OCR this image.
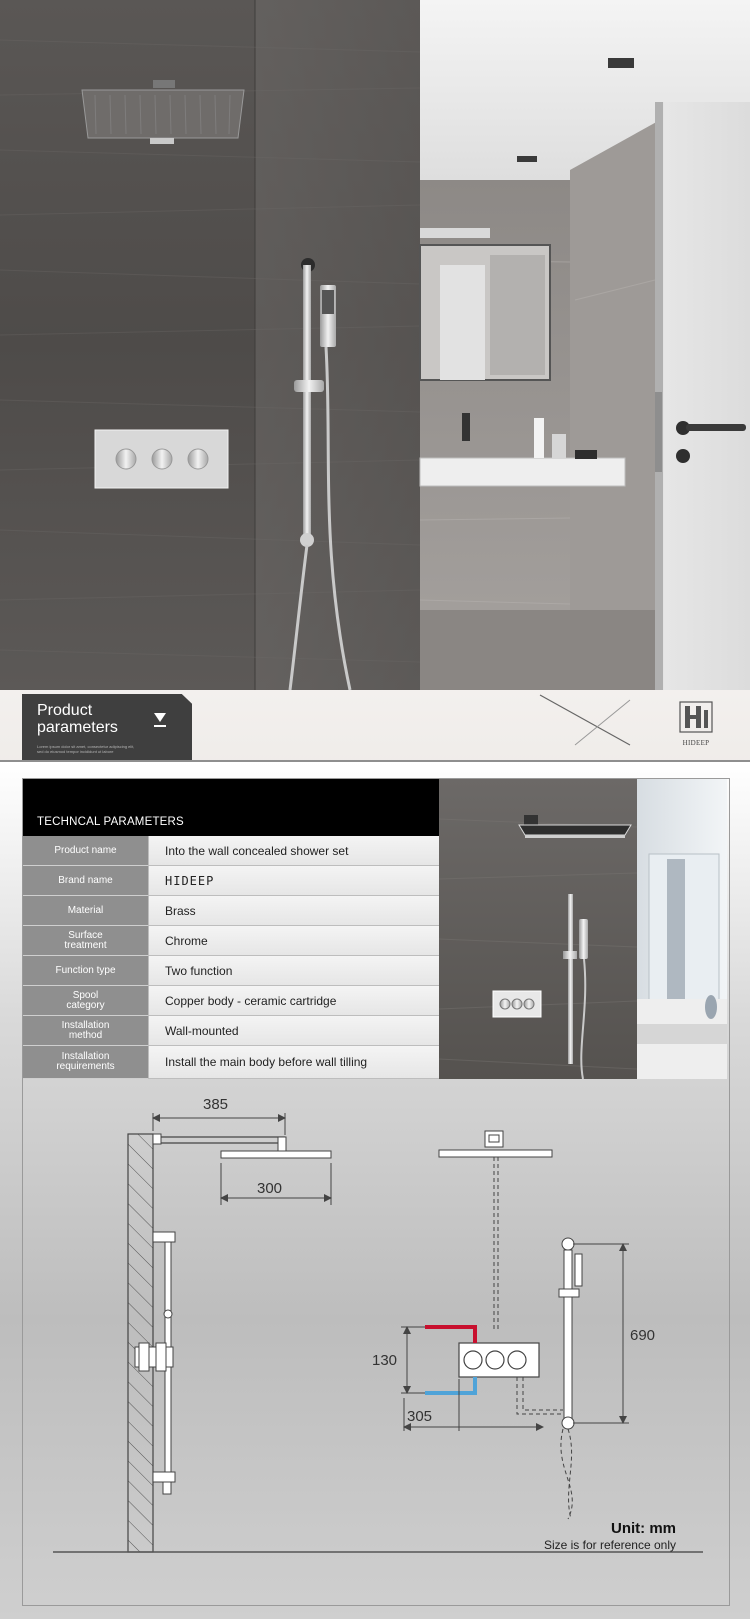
Product
parameters
Lorem ipsum dolor sit amet, consectetur adipiscing elit, sed do eiusmod tempor incididunt ut labore
HIDEEP
TECHNCAL PARAMETERS
Product name	Into the wall concealed shower set
Brand name	HIDEEP
Material	Brass
Surface treatment	Chrome
Function type	Two function
Spool category	Copper body - ceramic cartridge
Installation method	Wall-mounted
Installation requirements	Install the main body before wall tilling
385
300
130
305
690
Unit: mm
Size is for reference only
